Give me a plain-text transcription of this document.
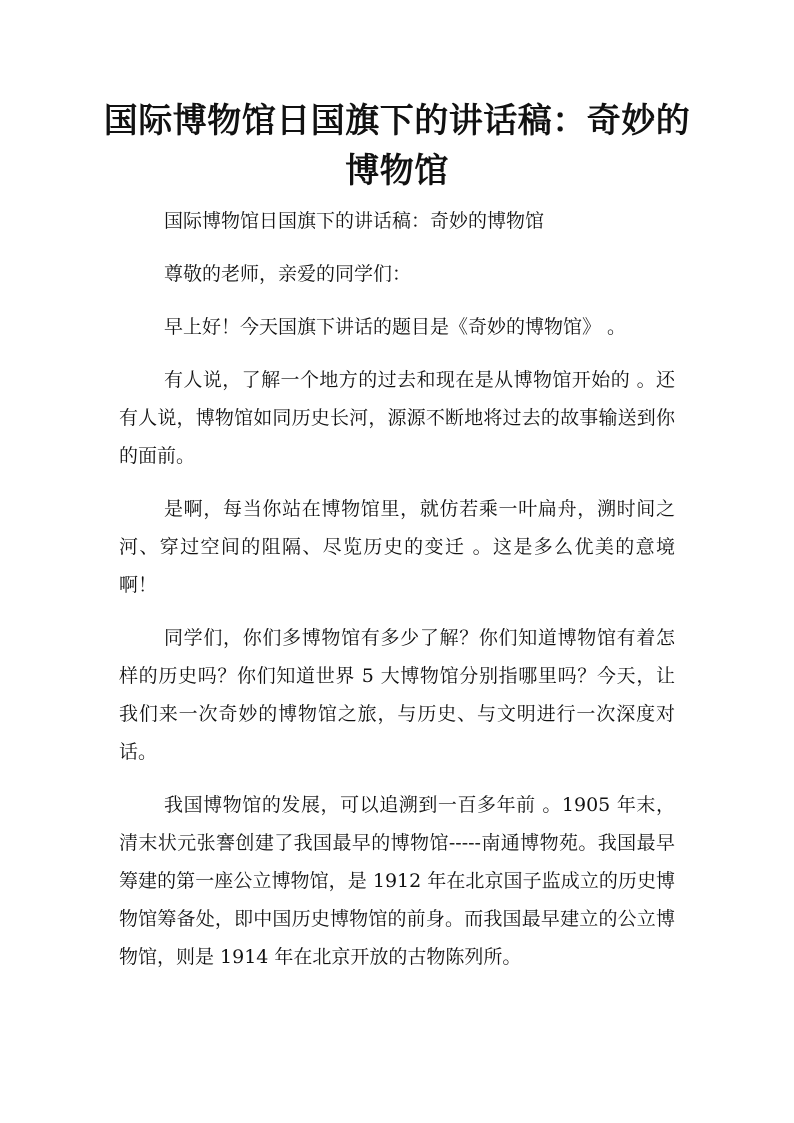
国际博物馆日国旗下的讲话稿：奇妙的博物馆

国际博物馆日国旗下的讲话稿：奇妙的博物馆

尊敬的老师，亲爱的同学们：

早上好！今天国旗下讲话的题目是《奇妙的博物馆》 。

有人说，了解一个地方的过去和现在是从博物馆开始的 。还有人说，博物馆如同历史长河，源源不断地将过去的故事输送到你的面前。

是啊，每当你站在博物馆里，就仿若乘一叶扁舟，溯时间之河、穿过空间的阻隔、尽览历史的变迁 。这是多么优美的意境啊！

同学们，你们多博物馆有多少了解？你们知道博物馆有着怎样的历史吗？你们知道世界 5 大博物馆分别指哪里吗？今天，让我们来一次奇妙的博物馆之旅，与历史、与文明进行一次深度对话。

我国博物馆的发展，可以追溯到一百多年前 。1905 年末，清末状元张謇创建了我国最早的博物馆-----南通博物苑。我国最早筹建的第一座公立博物馆，是 1912 年在北京国子监成立的历史博物馆筹备处，即中国历史博物馆的前身。而我国最早建立的公立博物馆，则是 1914 年在北京开放的古物陈列所。
